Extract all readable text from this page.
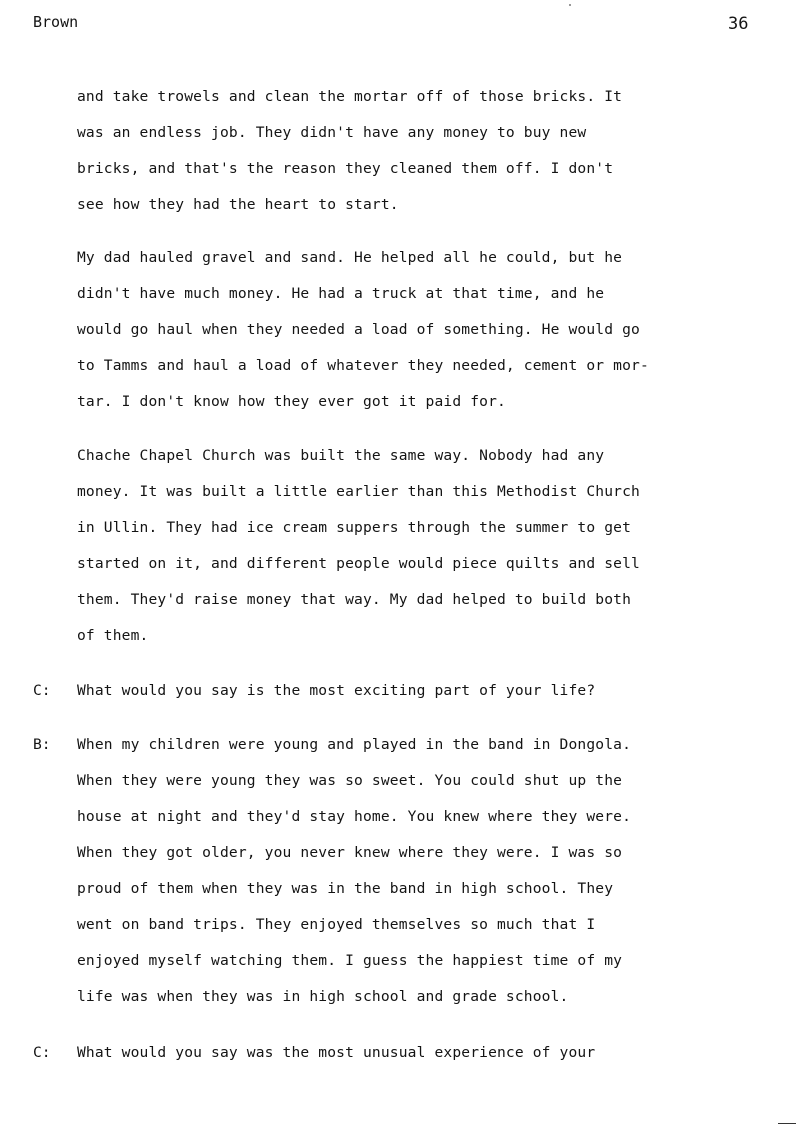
Brown	36

and take trowels and clean the mortar off of those bricks. It
was an endless job. They didn't have any money to buy new
bricks, and that's the reason they cleaned them off. I don't
see how they had the heart to start.

My dad hauled gravel and sand. He helped all he could, but he
didn't have much money. He had a truck at that time, and he
would go haul when they needed a load of something. He would go
to Tamms and haul a load of whatever they needed, cement or mor-
tar. I don't know how they ever got it paid for.

Chache Chapel Church was built the same way. Nobody had any
money. It was built a little earlier than this Methodist Church
in Ullin. They had ice cream suppers through the summer to get
started on it, and different people would piece quilts and sell
them. They'd raise money that way. My dad helped to build both
of them.

C: What would you say is the most exciting part of your life?

B: When my children were young and played in the band in Dongola.
When they were young they was so sweet. You could shut up the
house at night and they'd stay home. You knew where they were.
When they got older, you never knew where they were. I was so
proud of them when they was in the band in high school. They
went on band trips. They enjoyed themselves so much that I
enjoyed myself watching them. I guess the happiest time of my
life was when they was in high school and grade school.

C: What would you say was the most unusual experience of your
